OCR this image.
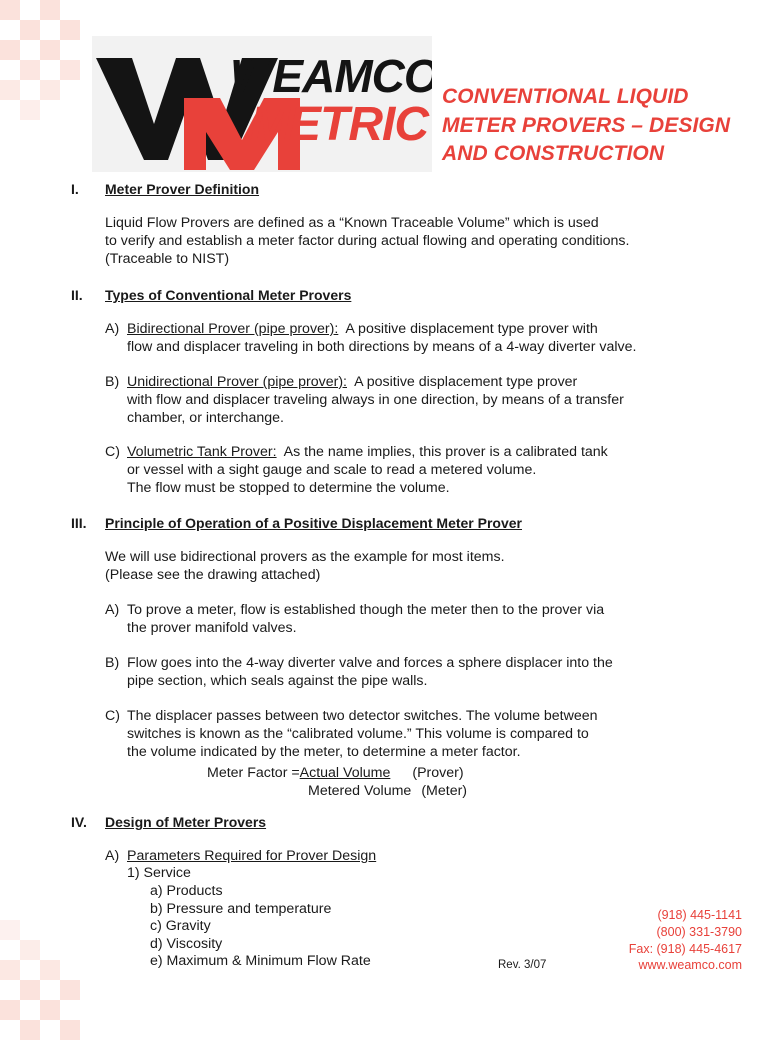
WEAMCO
METRIC
CONVENTIONAL LIQUID
METER PROVERS – DESIGN
AND CONSTRUCTION
I. Meter Prover Definition
Liquid Flow Provers are defined as a “Known Traceable Volume” which is used
to verify and establish a meter factor during actual flowing and operating conditions.
(Traceable to NIST)
II. Types of Conventional Meter Provers
A) Bidirectional Prover (pipe prover):  A positive displacement type prover with
flow and displacer traveling in both directions by means of a 4-way diverter valve.
B) Unidirectional Prover (pipe prover):  A positive displacement type prover
with flow and displacer traveling always in one direction, by means of a transfer
chamber, or interchange.
C) Volumetric Tank Prover:  As the name implies, this prover is a calibrated tank
or vessel with a sight gauge and scale to read a metered volume.
The flow must be stopped to determine the volume.
III. Principle of Operation of a Positive Displacement Meter Prover
We will use bidirectional provers as the example for most items.
(Please see the drawing attached)
A) To prove a meter, flow is established though the meter then to the prover via
the prover manifold valves.
B) Flow goes into the 4-way diverter valve and forces a sphere displacer into the
pipe section, which seals against the pipe walls.
C) The displacer passes between two detector switches. The volume between
switches is known as the “calibrated volume.” This volume is compared to
the volume indicated by the meter, to determine a meter factor.
Meter Factor =Actual Volume (Prover)
Metered Volume (Meter)
IV. Design of Meter Provers
A) Parameters Required for Prover Design
1) Service
a) Products
b) Pressure and temperature
c) Gravity
d) Viscosity
e) Maximum & Minimum Flow Rate	Rev. 3/07
(918) 445-1141
(800) 331-3790
Fax: (918) 445-4617
www.weamco.com
